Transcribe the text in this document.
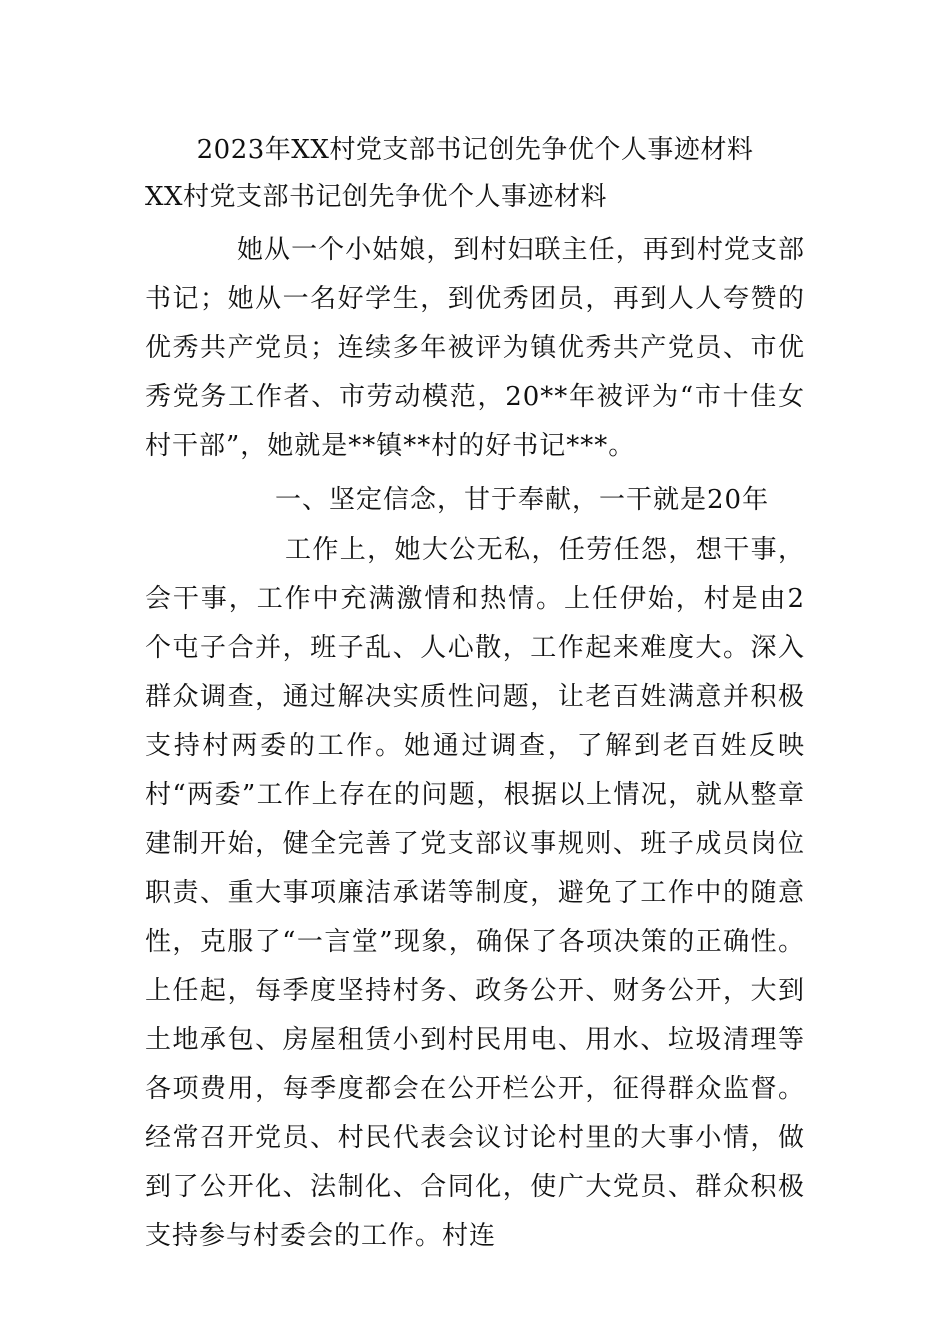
2023年XX村党支部书记创先争优个人事迹材料
XX村党支部书记创先争优个人事迹材料
她从一个小姑娘，到村妇联主任，再到村党支部书记；她从一名好学生，到优秀团员，再到人人夸赞的优秀共产党员；连续多年被评为镇优秀共产党员、市优秀党务工作者、市劳动模范，20**年被评为“市十佳女村干部”，她就是**镇**村的好书记***。
一、坚定信念，甘于奉献，一干就是20年
工作上，她大公无私，任劳任怨，想干事，会干事，工作中充满激情和热情。上任伊始，村是由2个屯子合并，班子乱、人心散，工作起来难度大。深入群众调查，通过解决实质性问题，让老百姓满意并积极支持村两委的工作。她通过调查，了解到老百姓反映村“两委”工作上存在的问题，根据以上情况，就从整章建制开始，健全完善了党支部议事规则、班子成员岗位职责、重大事项廉洁承诺等制度，避免了工作中的随意性，克服了“一言堂”现象，确保了各项决策的正确性。上任起，每季度坚持村务、政务公开、财务公开，大到土地承包、房屋租赁小到村民用电、用水、垃圾清理等各项费用，每季度都会在公开栏公开，征得群众监督。经常召开党员、村民代表会议讨论村里的大事小情，做到了公开化、法制化、合同化，使广大党员、群众积极支持参与村委会的工作。村连
